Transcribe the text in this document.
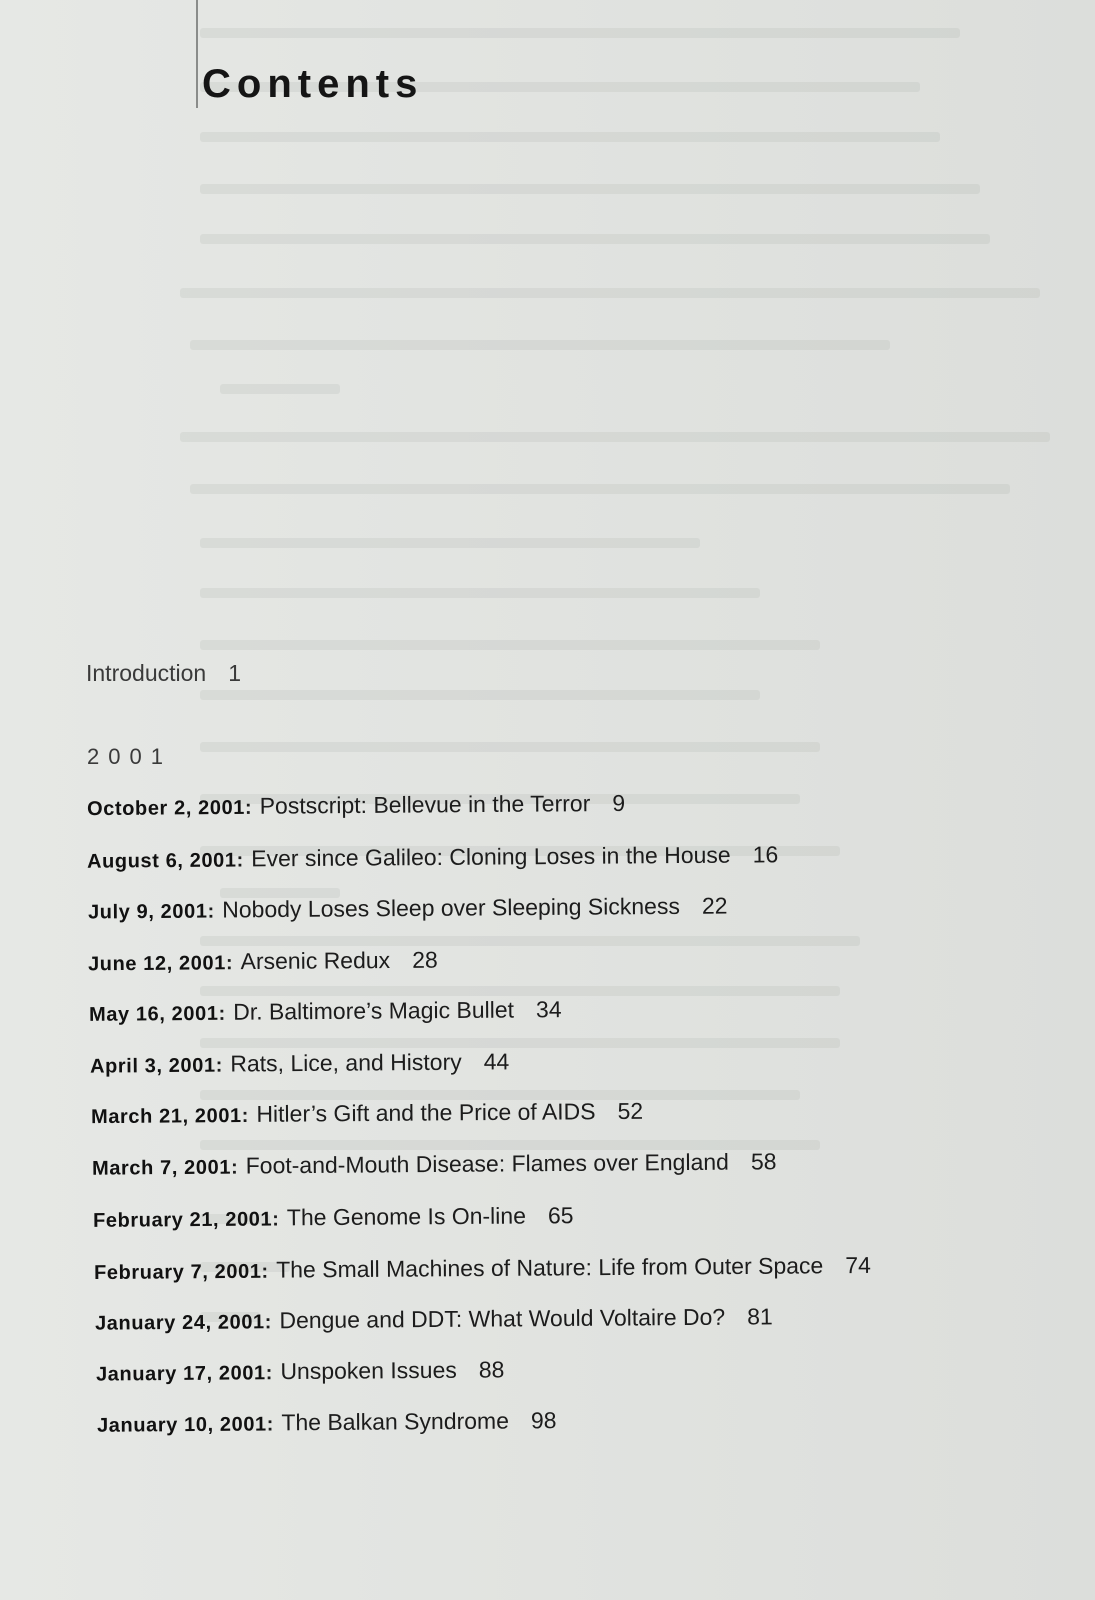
Contents
Introduction 1
2001
October 2, 2001: Postscript: Bellevue in the Terror 9
August 6, 2001: Ever since Galileo: Cloning Loses in the House 16
July 9, 2001: Nobody Loses Sleep over Sleeping Sickness 22
June 12, 2001: Arsenic Redux 28
May 16, 2001: Dr. Baltimore’s Magic Bullet 34
April 3, 2001: Rats, Lice, and History 44
March 21, 2001: Hitler’s Gift and the Price of AIDS 52
March 7, 2001: Foot-and-Mouth Disease: Flames over England 58
February 21, 2001: The Genome Is On-line 65
February 7, 2001: The Small Machines of Nature: Life from Outer Space 74
January 24, 2001: Dengue and DDT: What Would Voltaire Do? 81
January 17, 2001: Unspoken Issues 88
January 10, 2001: The Balkan Syndrome 98
